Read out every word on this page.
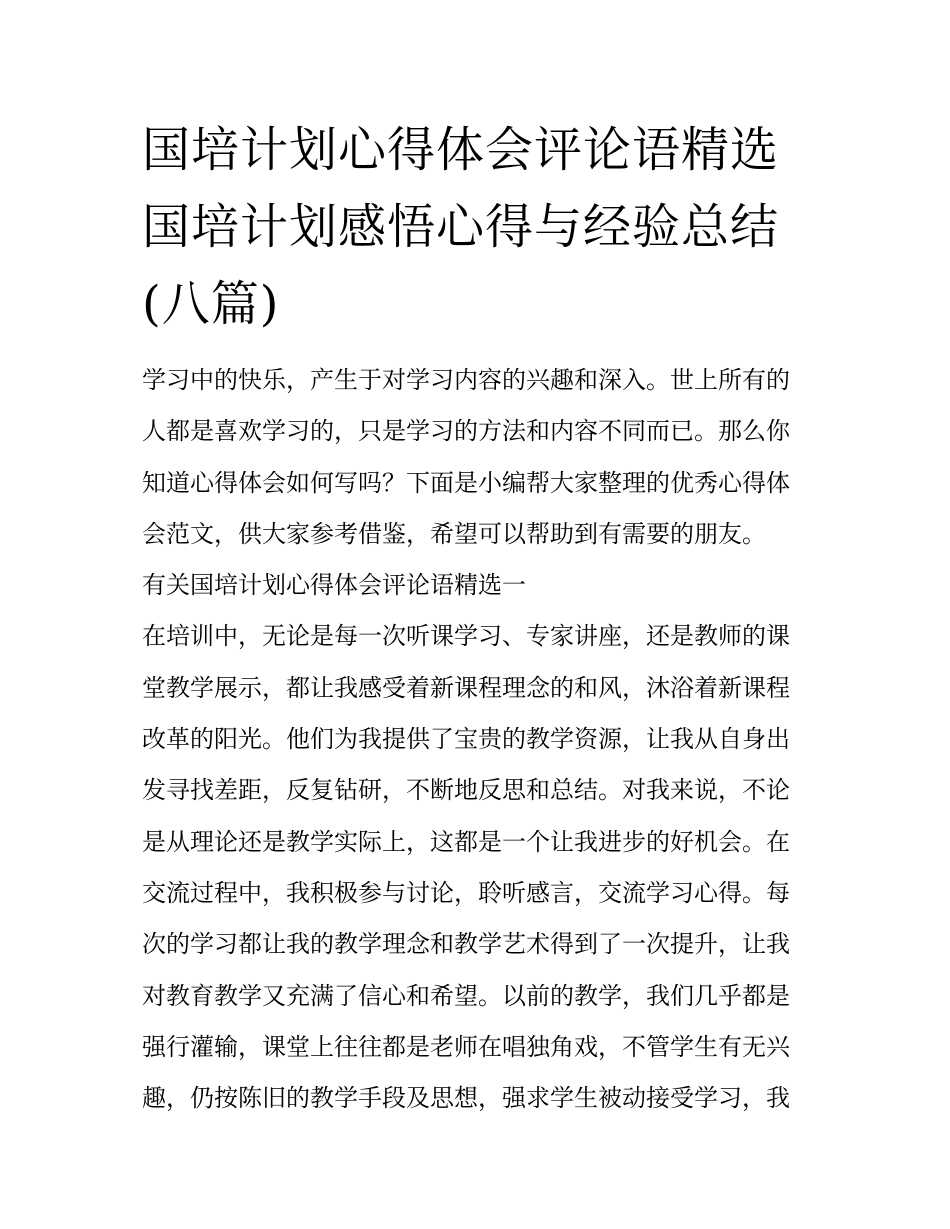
国培计划心得体会评论语精选
国培计划感悟心得与经验总结
(八篇)

学习中的快乐，产生于对学习内容的兴趣和深入。世上所有的
人都是喜欢学习的，只是学习的方法和内容不同而已。那么你
知道心得体会如何写吗？下面是小编帮大家整理的优秀心得体
会范文，供大家参考借鉴，希望可以帮助到有需要的朋友。

有关国培计划心得体会评论语精选一

在培训中，无论是每一次听课学习、专家讲座，还是教师的课
堂教学展示，都让我感受着新课程理念的和风，沐浴着新课程
改革的阳光。他们为我提供了宝贵的教学资源，让我从自身出
发寻找差距，反复钻研，不断地反思和总结。对我来说，不论
是从理论还是教学实际上，这都是一个让我进步的好机会。在
交流过程中，我积极参与讨论，聆听感言，交流学习心得。每
次的学习都让我的教学理念和教学艺术得到了一次提升，让我
对教育教学又充满了信心和希望。以前的教学，我们几乎都是
强行灌输，课堂上往往都是老师在唱独角戏，不管学生有无兴
趣，仍按陈旧的教学手段及思想，强求学生被动接受学习，我
